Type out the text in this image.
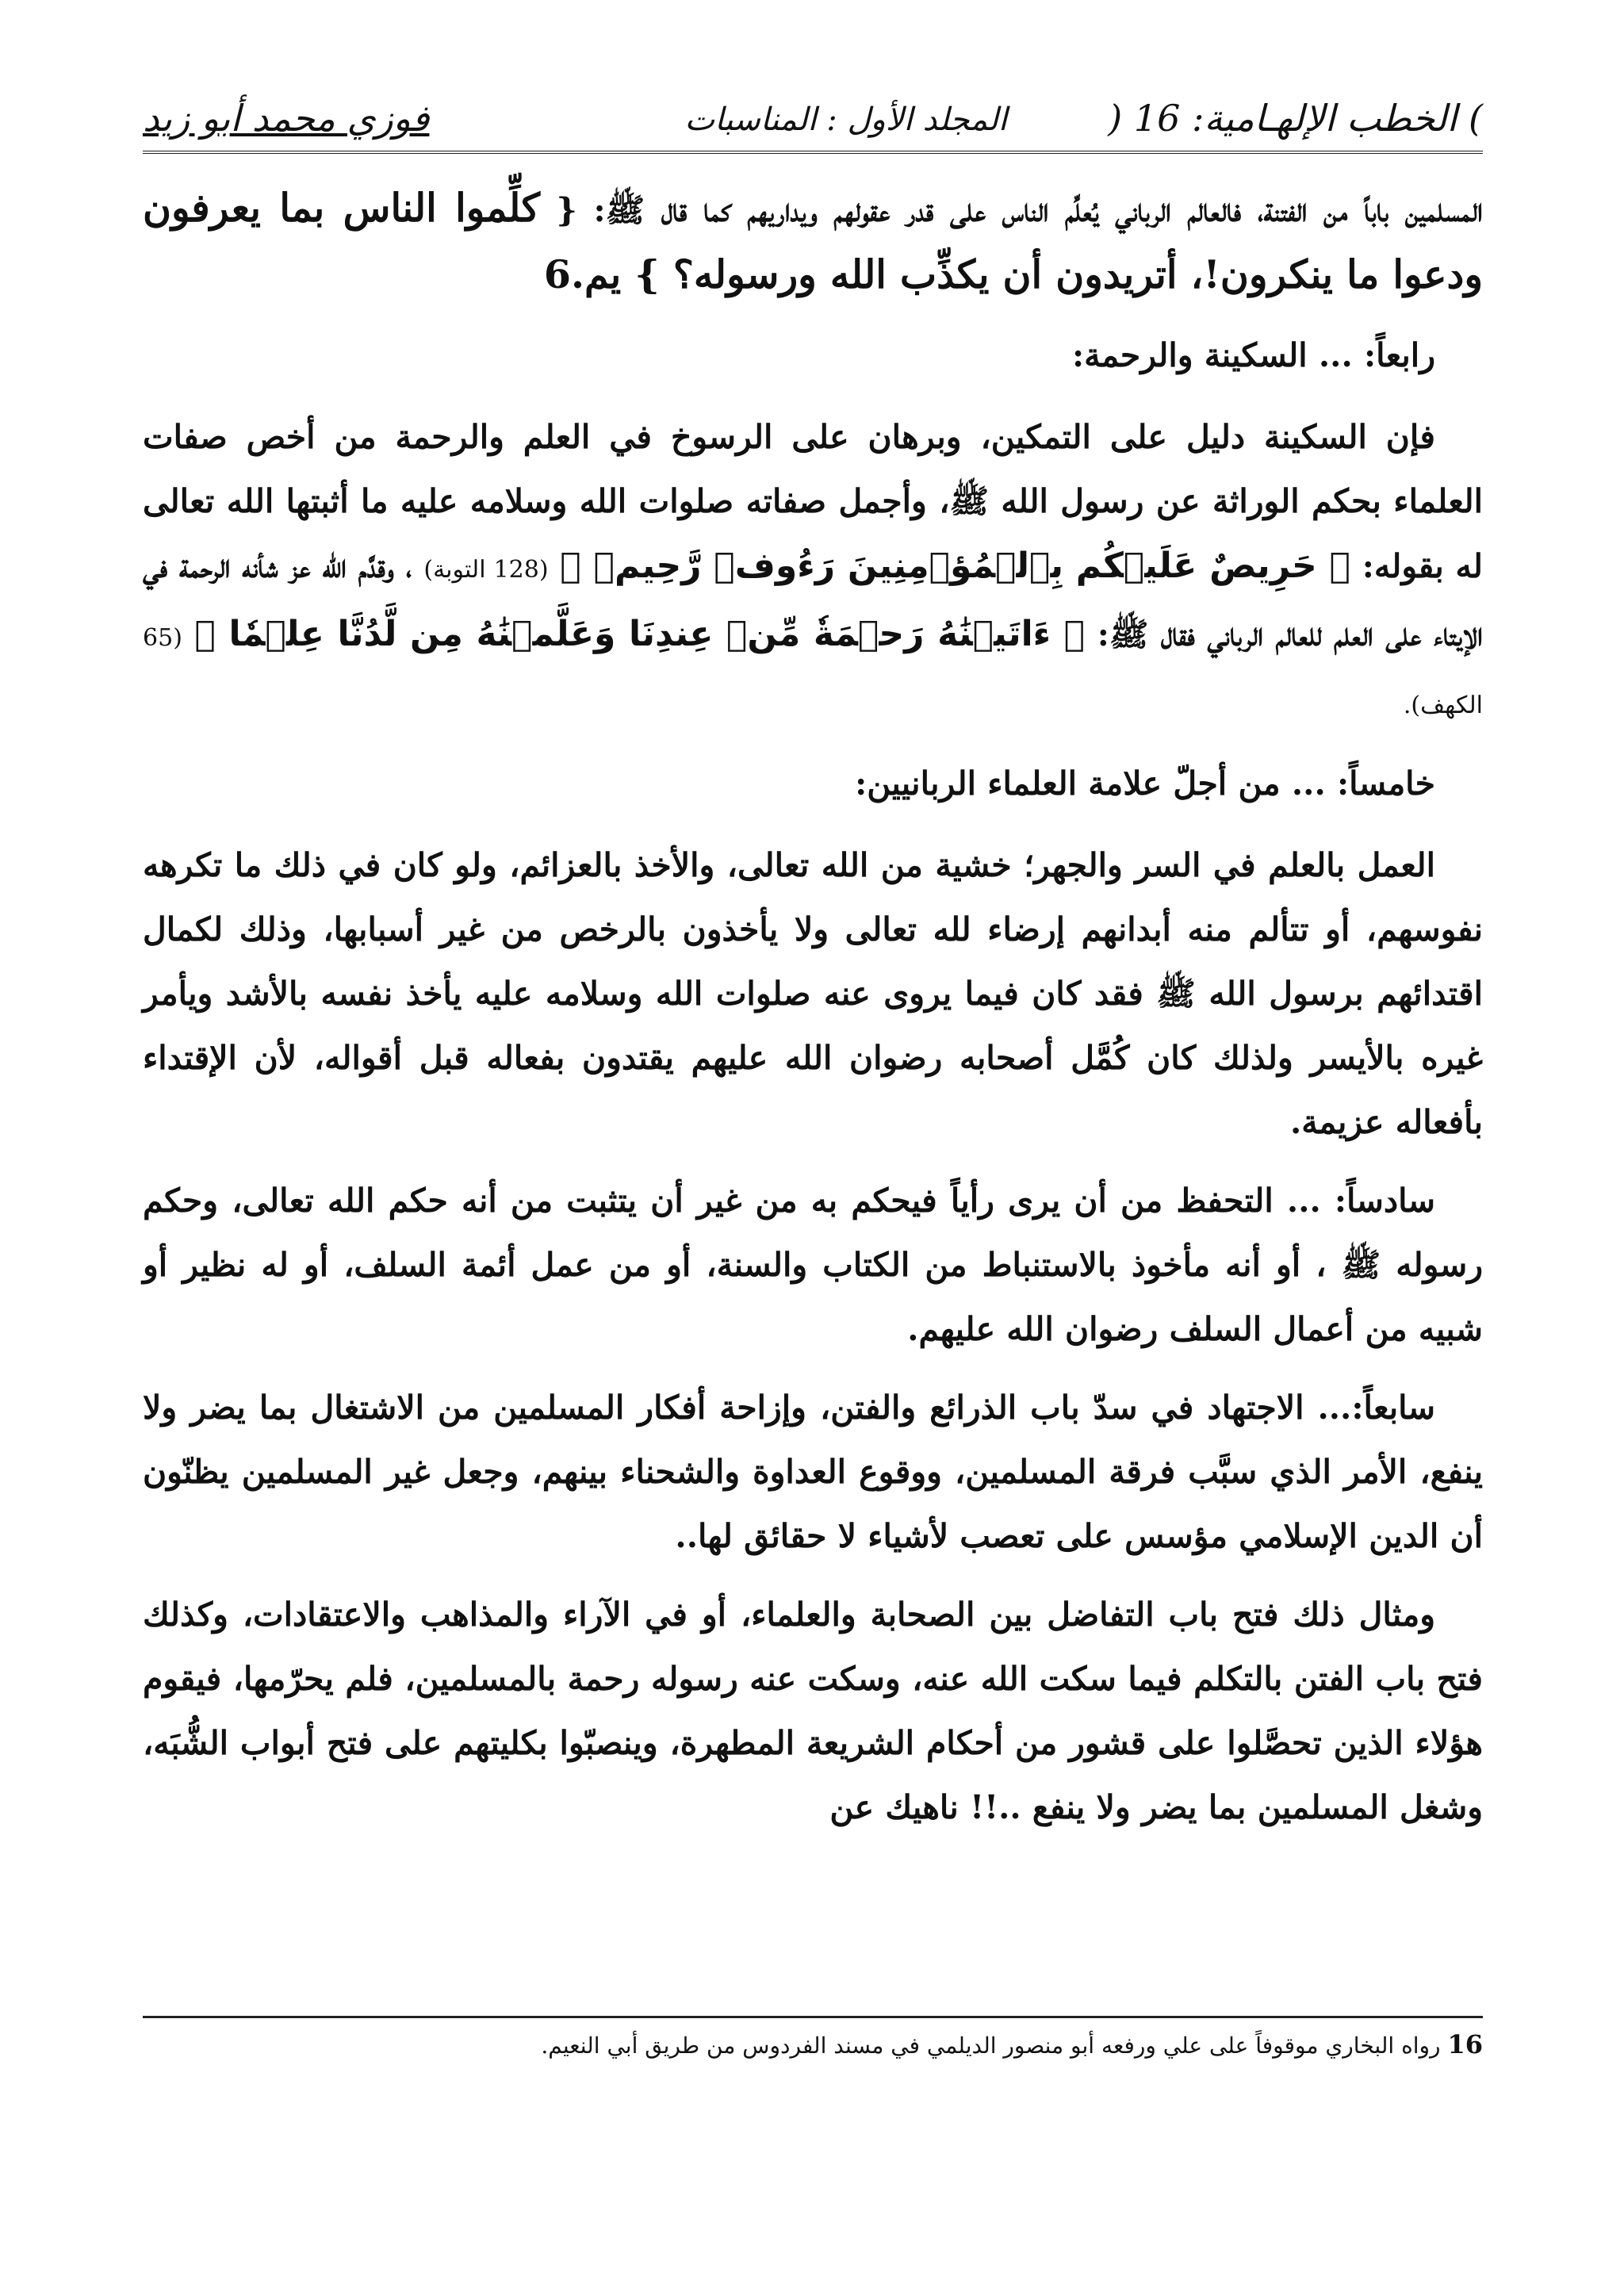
) الخطب الإلهـامية: 16 (
المجلد الأول : المناسبات
فوزي محمد أبو زيد

المسلمين باباً من الفتنة، فالعالم الرباني يُعلِّم الناس على قدر عقولهم ويداريهم كما قال ﷺ: { كلِّموا الناس بما يعرفون ودعوا ما ينكرون!، أتريدون أن يكذِّب الله ورسوله؟ } يم.6

رابعاً: ... السكينة والرحمة:

فإن السكينة دليل على التمكين، وبرهان على الرسوخ في العلم والرحمة من أخص صفات العلماء بحكم الوراثة عن رسول الله ﷺ، وأجمل صفاته صلوات الله وسلامه عليه ما أثبتها الله تعالى له بقوله: ﴿ حَرِيصٌ عَلَيۡكُم بِٱلۡمُؤۡمِنِينَ رَءُوفٞ رَّحِيمٞ ﴾ (128 التوبة) ، وقدَّم الله عز شأنه الرحمة في الإيتاء على العلم للعالم الرباني فقال ﷺ: ﴿ ءَاتَيۡنَٰهُ رَحۡمَةٗ مِّنۡ عِندِنَا وَعَلَّمۡنَٰهُ مِن لَّدُنَّا عِلۡمٗا ﴾ (65 الكهف).

خامساً: ... من أجلّ علامة العلماء الربانيين:

العمل بالعلم في السر والجهر؛ خشية من الله تعالى، والأخذ بالعزائم، ولو كان في ذلك ما تكرهه نفوسهم، أو تتألم منه أبدانهم إرضاء لله تعالى ولا يأخذون بالرخص من غير أسبابها، وذلك لكمال اقتدائهم برسول الله ﷺ فقد كان فيما يروى عنه صلوات الله وسلامه عليه يأخذ نفسه بالأشد ويأمر غيره بالأيسر ولذلك كان كُمَّل أصحابه رضوان الله عليهم يقتدون بفعاله قبل أقواله، لأن الإقتداء بأفعاله عزيمة.

سادساً: ... التحفظ من أن يرى رأياً فيحكم به من غير أن يتثبت من أنه حكم الله تعالى، وحكم رسوله ﷺ ، أو أنه مأخوذ بالاستنباط من الكتاب والسنة، أو من عمل أئمة السلف، أو له نظير أو شبيه من أعمال السلف رضوان الله عليهم.

سابعاً:... الاجتهاد في سدّ باب الذرائع والفتن، وإزاحة أفكار المسلمين من الاشتغال بما يضر ولا ينفع، الأمر الذي سبَّب فرقة المسلمين، ووقوع العداوة والشحناء بينهم، وجعل غير المسلمين يظنّون أن الدين الإسلامي مؤسس على تعصب لأشياء لا حقائق لها..

ومثال ذلك فتح باب التفاضل بين الصحابة والعلماء، أو في الآراء والمذاهب والاعتقادات، وكذلك فتح باب الفتن بالتكلم فيما سكت الله عنه، وسكت عنه رسوله رحمة بالمسلمين، فلم يحرّمها، فيقوم هؤلاء الذين تحصَّلوا على قشور من أحكام الشريعة المطهرة، وينصبّوا بكليتهم على فتح أبواب الشُّبَه، وشغل المسلمين بما يضر ولا ينفع ..!! ناهيك عن

16 رواه البخاري موقوفاً على علي ورفعه أبو منصور الديلمي في مسند الفردوس من طريق أبي النعيم.
